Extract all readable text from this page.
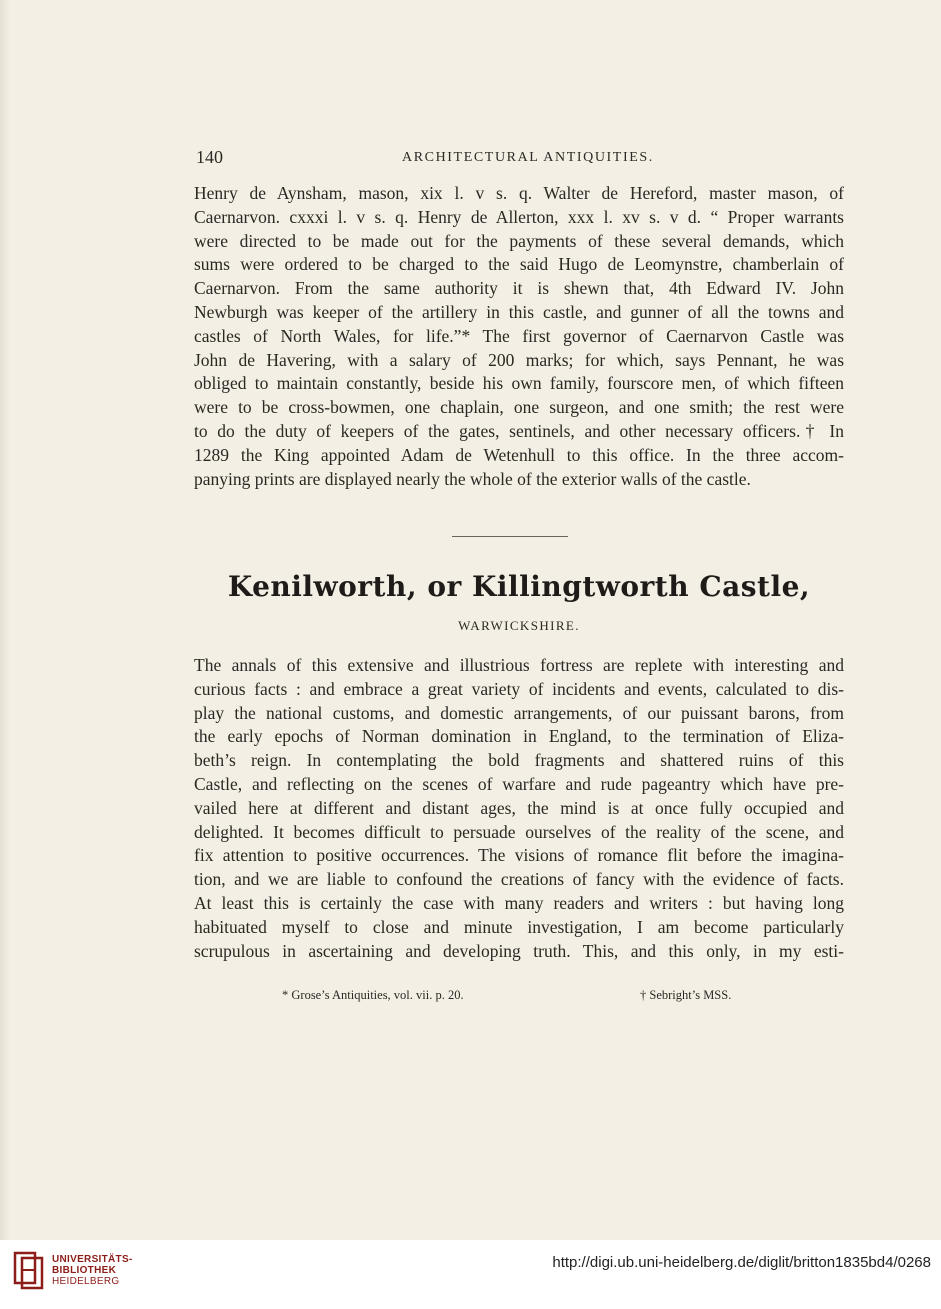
140	ARCHITECTURAL ANTIQUITIES.
Henry de Aynsham, mason, xix l. v s. q. Walter de Hereford, master mason, of
Caernarvon. cxxxi l. v s. q. Henry de Allerton, xxx l. xv s. v d. “ Proper warrants
were directed to be made out for the payments of these several demands, which
sums were ordered to be charged to the said Hugo de Leomynstre, chamberlain of
Caernarvon. From the same authority it is shewn that, 4th Edward IV. John
Newburgh was keeper of the artillery in this castle, and gunner of all the towns and
castles of North Wales, for life.”* The first governor of Caernarvon Castle was
John de Havering, with a salary of 200 marks; for which, says Pennant, he was
obliged to maintain constantly, beside his own family, fourscore men, of which fifteen
were to be cross-bowmen, one chaplain, one surgeon, and one smith; the rest were
to do the duty of keepers of the gates, sentinels, and other necessary officers.† In
1289 the King appointed Adam de Wetenhull to this office. In the three accom-
panying prints are displayed nearly the whole of the exterior walls of the castle.
Kenilworth, or Killingtworth Castle,
WARWICKSHIRE.
The annals of this extensive and illustrious fortress are replete with interesting and
curious facts : and embrace a great variety of incidents and events, calculated to dis-
play the national customs, and domestic arrangements, of our puissant barons, from
the early epochs of Norman domination in England, to the termination of Eliza-
beth’s reign. In contemplating the bold fragments and shattered ruins of this
Castle, and reflecting on the scenes of warfare and rude pageantry which have pre-
vailed here at different and distant ages, the mind is at once fully occupied and
delighted. It becomes difficult to persuade ourselves of the reality of the scene, and
fix attention to positive occurrences. The visions of romance flit before the imagina-
tion, and we are liable to confound the creations of fancy with the evidence of facts.
At least this is certainly the case with many readers and writers : but having long
habituated myself to close and minute investigation, I am become particularly
scrupulous in ascertaining and developing truth. This, and this only, in my esti-
* Grose’s Antiquities, vol. vii. p. 20.	† Sebright’s MSS.
UNIVERSITÄTS-
BIBLIOTHEK
HEIDELBERG
http://digi.ub.uni-heidelberg.de/diglit/britton1835bd4/0268
